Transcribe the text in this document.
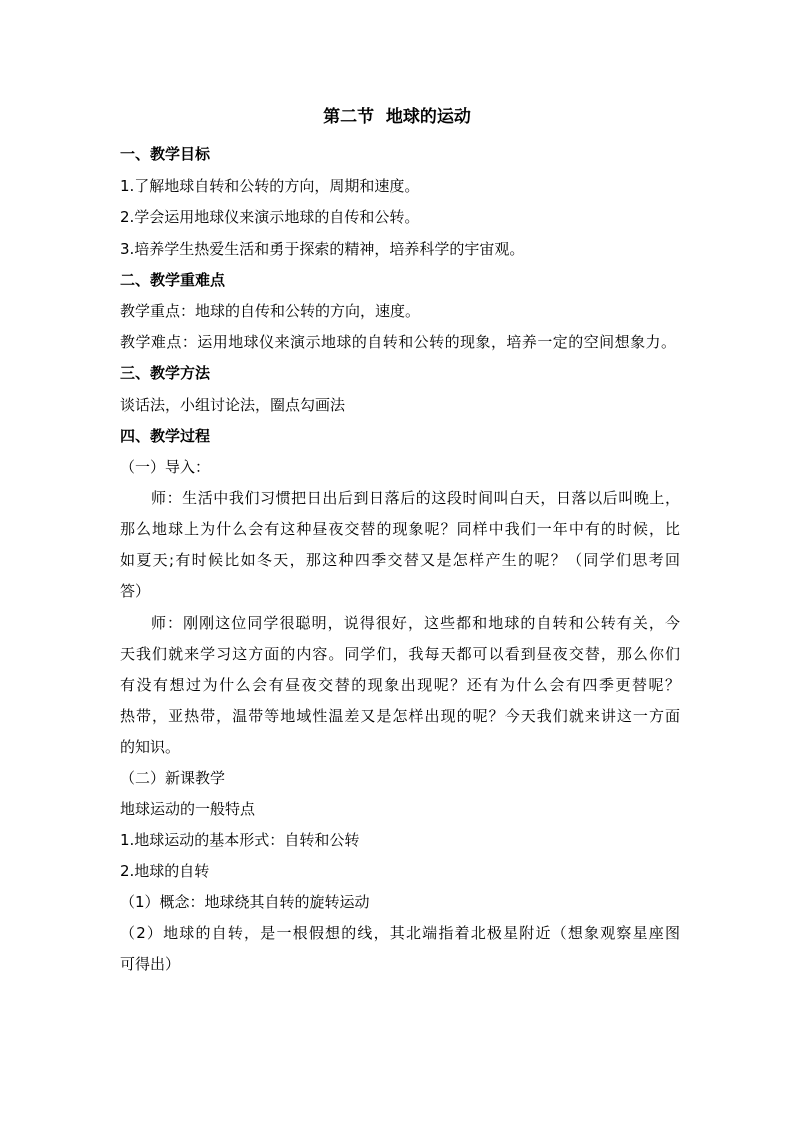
第二节  地球的运动
一、教学目标
1.了解地球自转和公转的方向，周期和速度。
2.学会运用地球仪来演示地球的自传和公转。
3.培养学生热爱生活和勇于探索的精神，培养科学的宇宙观。
二、教学重难点
教学重点：地球的自传和公转的方向，速度。
教学难点：运用地球仪来演示地球的自转和公转的现象，培养一定的空间想象力。
三、教学方法
谈话法，小组讨论法，圈点勾画法
四、教学过程
（一）导入：
师：生活中我们习惯把日出后到日落后的这段时间叫白天，日落以后叫晚上，
那么地球上为什么会有这种昼夜交替的现象呢？同样中我们一年中有的时候，比
如夏天;有时候比如冬天，那这种四季交替又是怎样产生的呢？（同学们思考回
答）
师：刚刚这位同学很聪明，说得很好，这些都和地球的自转和公转有关，今
天我们就来学习这方面的内容。同学们，我每天都可以看到昼夜交替，那么你们
有没有想过为什么会有昼夜交替的现象出现呢？还有为什么会有四季更替呢？
热带，亚热带，温带等地域性温差又是怎样出现的呢？今天我们就来讲这一方面
的知识。
（二）新课教学
地球运动的一般特点
1.地球运动的基本形式：自转和公转
2.地球的自转
（1）概念：地球绕其自转的旋转运动
（2）地球的自转，是一根假想的线，其北端指着北极星附近（想象观察星座图
可得出）
